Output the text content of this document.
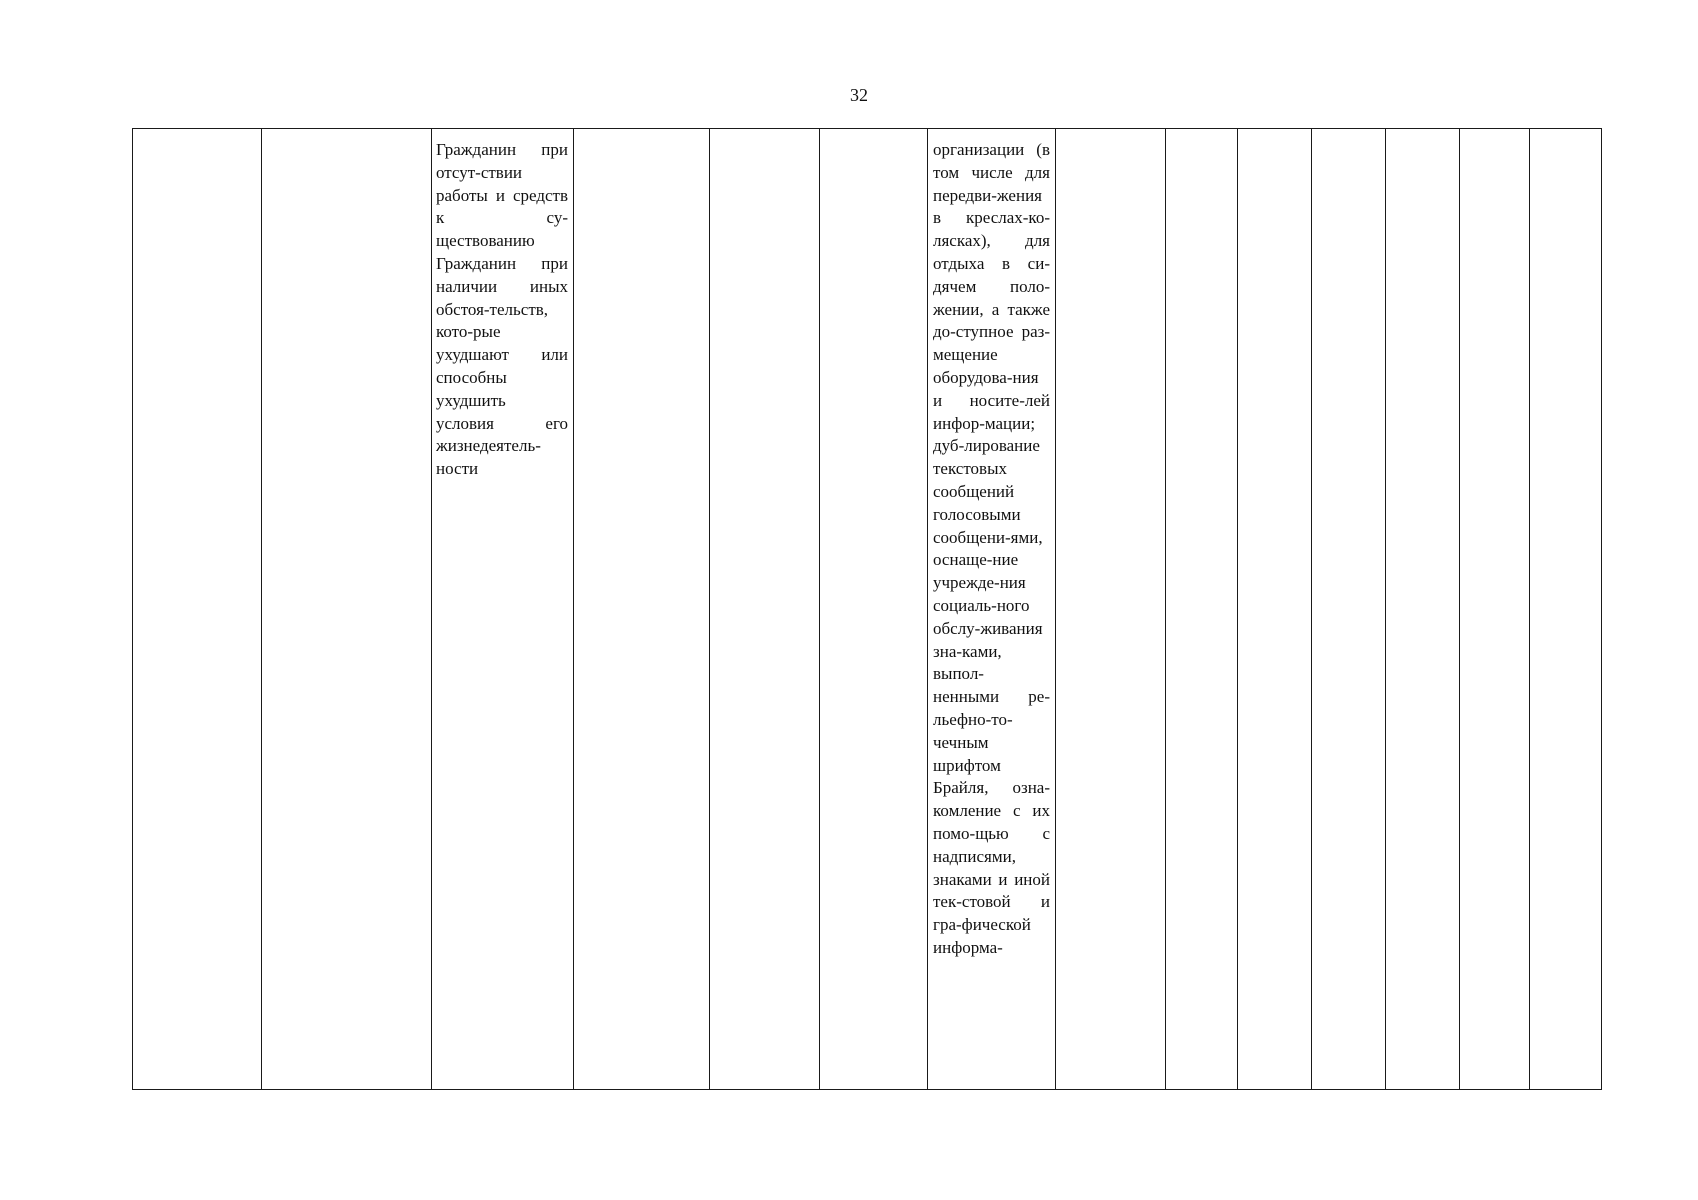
32
Гражданин при отсут-ствии работы и средств к су-ществованию Гражданин при наличии иных обстоя-тельств, кото-рые ухудшают или способны ухудшить условия его жизнедеятель-ности
организации (в том числе для передви-жения в креслах-ко-лясках), для отдыха в си-дячем поло-жении, а также до-ступное раз-мещение оборудова-ния и носите-лей инфор-мации; дуб-лирование текстовых сообщений голосовыми сообщени-ями, оснаще-ние учрежде-ния социаль-ного обслу-живания зна-ками, выпол-ненными ре-льефно-то-чечным шрифтом Брайля, озна-комление с их помо-щью с надписями, знаками и иной тек-стовой и гра-фической информа-
